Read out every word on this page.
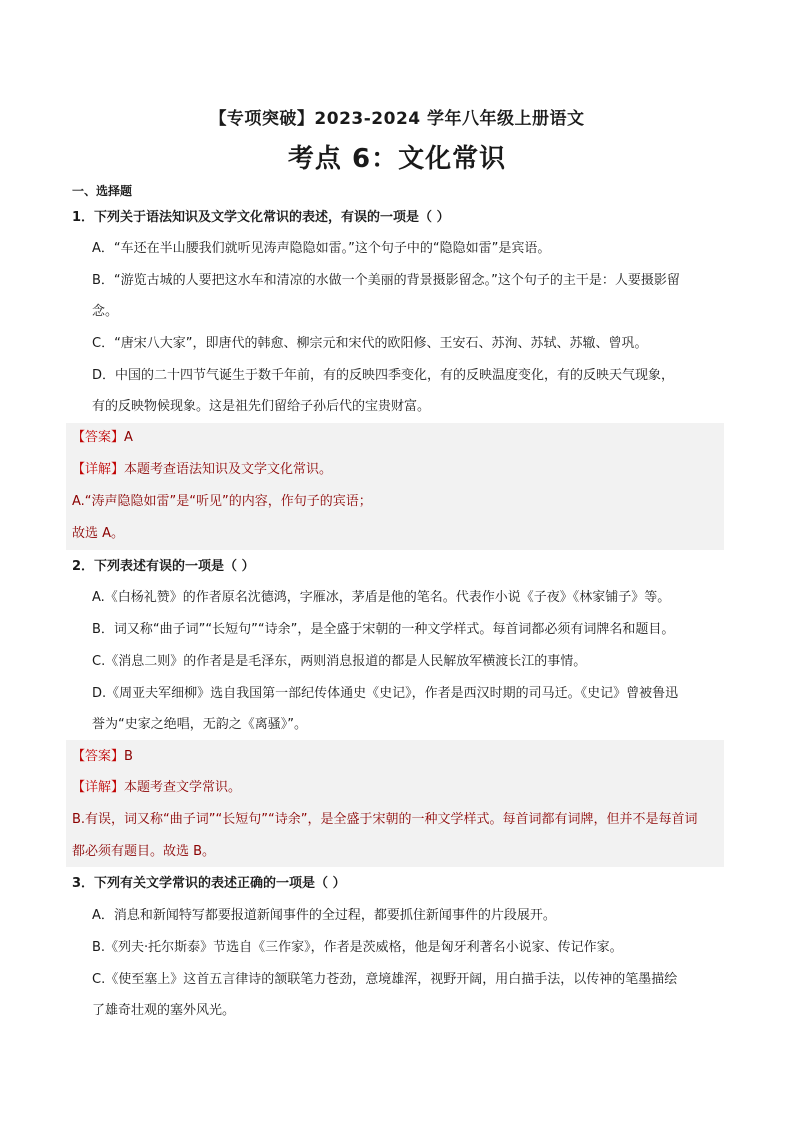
【专项突破】2023-2024 学年八年级上册语文
考点 6：文化常识
一、选择题
1．下列关于语法知识及文学文化常识的表述，有误的一项是（ ）
A．“车还在半山腰我们就听见涛声隐隐如雷。”这个句子中的“隐隐如雷”是宾语。
B．“游览古城的人要把这水车和清凉的水做一个美丽的背景摄影留念。”这个句子的主干是：人要摄影留
念。
C．“唐宋八大家”，即唐代的韩愈、柳宗元和宋代的欧阳修、王安石、苏洵、苏轼、苏辙、曾巩。
D．中国的二十四节气诞生于数千年前，有的反映四季变化，有的反映温度变化，有的反映天气现象，
有的反映物候现象。这是祖先们留给子孙后代的宝贵财富。
【答案】A
【详解】本题考查语法知识及文学文化常识。
A.“涛声隐隐如雷”是“听见”的内容，作句子的宾语；
故选 A。
2．下列表述有误的一项是（ ）
A.《白杨礼赞》的作者原名沈德鸿，字雁冰，茅盾是他的笔名。代表作小说《子夜》《林家铺子》等。
B．词又称“曲子词”“长短句”“诗余”，是全盛于宋朝的一种文学样式。每首词都必须有词牌名和题目。
C.《消息二则》的作者是是毛泽东，两则消息报道的都是人民解放军横渡长江的事情。
D.《周亚夫军细柳》选自我国第一部纪传体通史《史记》，作者是西汉时期的司马迁。《史记》曾被鲁迅
誉为“史家之绝唱，无韵之《离骚》”。
【答案】B
【详解】本题考查文学常识。
B.有误，词又称“曲子词”“长短句”“诗余”，是全盛于宋朝的一种文学样式。每首词都有词牌，但并不是每首词
都必须有题目。故选 B。
3．下列有关文学常识的表述正确的一项是（ ）
A．消息和新闻特写都要报道新闻事件的全过程，都要抓住新闻事件的片段展开。
B.《列夫·托尔斯泰》节选自《三作家》，作者是茨威格，他是匈牙利著名小说家、传记作家。
C.《使至塞上》这首五言律诗的颔联笔力苍劲，意境雄浑，视野开阔，用白描手法，以传神的笔墨描绘
了雄奇壮观的塞外风光。
